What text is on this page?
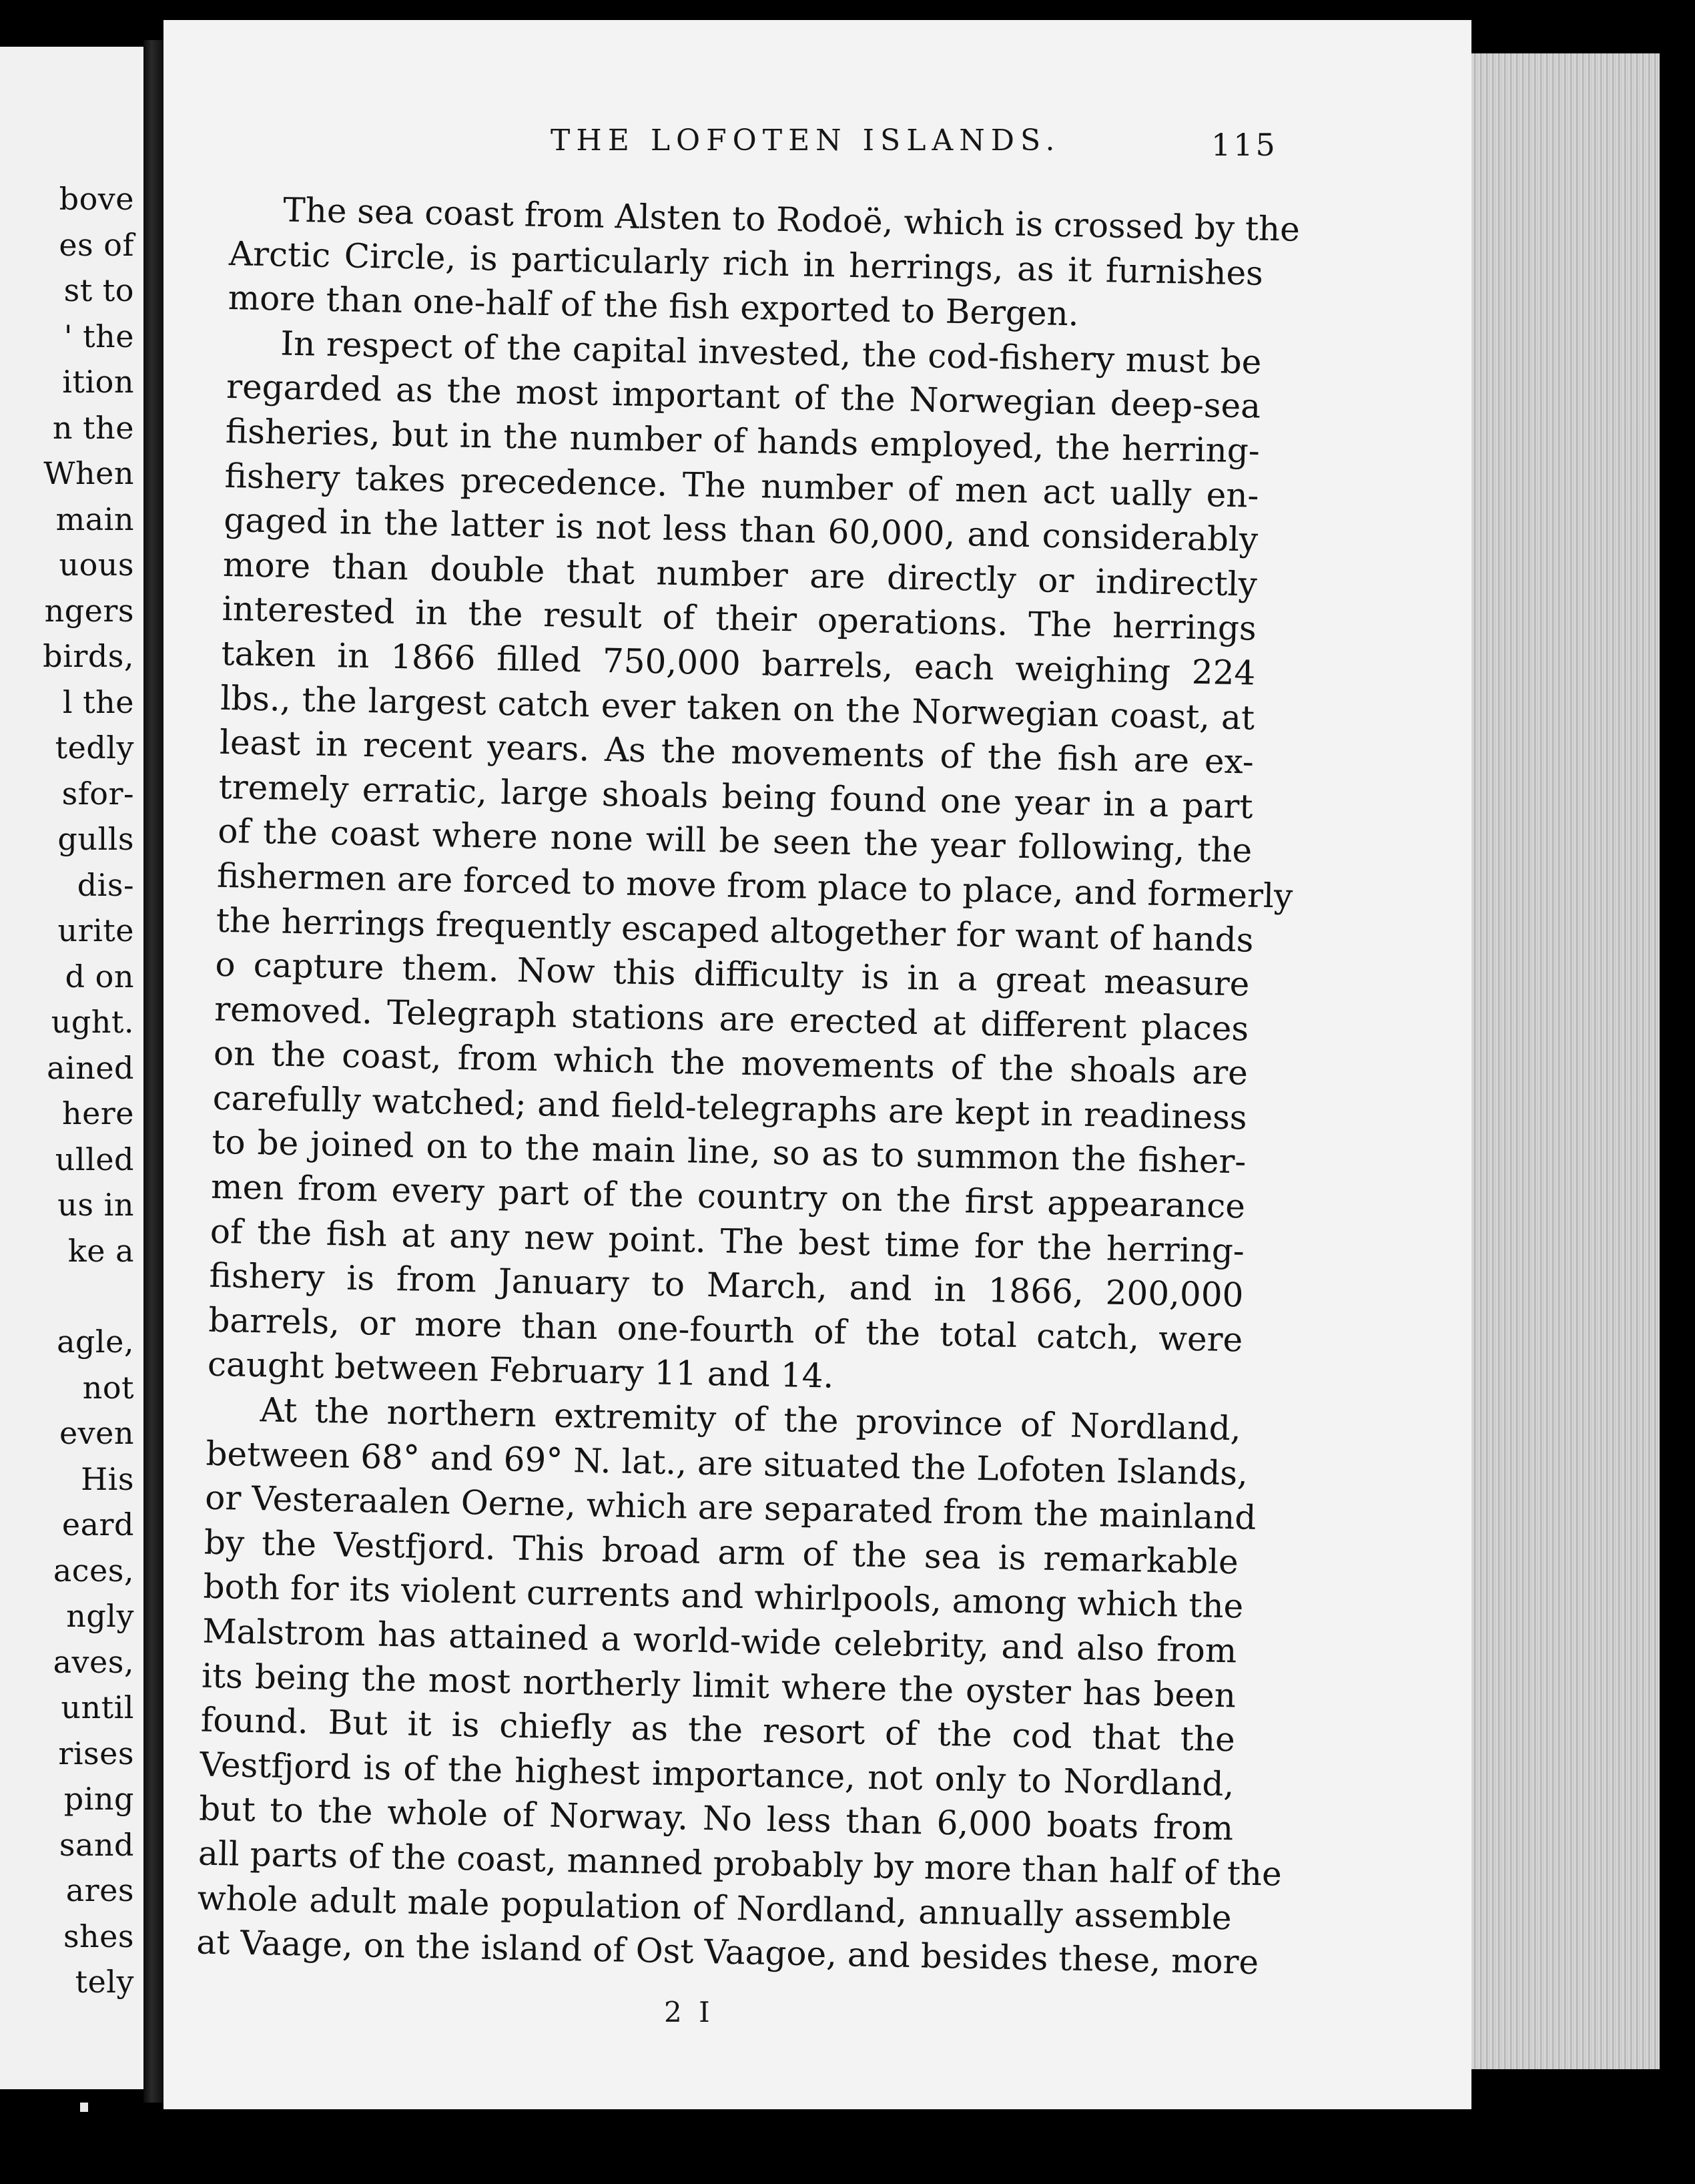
bove
es of
st to
' the
ition
n the
When
main
uous
ngers
birds,
l the
tedly
sfor-
gulls
dis-
urite
d on
ught.
ained
here
ulled
us in
ke a
agle,
not
even
His
eard
aces,
ngly
aves,
until
rises
ping
sand
ares
shes
tely
THE LOFOTEN ISLANDS.	115
The sea coast from Alsten to Rodoë, which is crossed by the
Arctic Circle, is particularly rich in herrings, as it furnishes
more than one-half of the fish exported to Bergen.
In respect of the capital invested, the cod-fishery must be
regarded as the most important of the Norwegian deep-sea
fisheries, but in the number of hands employed, the herring-
fishery takes precedence. The number of men act ually en-
gaged in the latter is not less than 60,000, and considerably
more than double that number are directly or indirectly
interested in the result of their operations. The herrings
taken in 1866 filled 750,000 barrels, each weighing 224
lbs., the largest catch ever taken on the Norwegian coast, at
least in recent years. As the movements of the fish are ex-
tremely erratic, large shoals being found one year in a part
of the coast where none will be seen the year following, the
fishermen are forced to move from place to place, and formerly
the herrings frequently escaped altogether for want of hands
o capture them. Now this difficulty is in a great measure
removed. Telegraph stations are erected at different places
on the coast, from which the movements of the shoals are
carefully watched; and field-telegraphs are kept in readiness
to be joined on to the main line, so as to summon the fisher-
men from every part of the country on the first appearance
of the fish at any new point. The best time for the herring-
fishery is from January to March, and in 1866, 200,000
barrels, or more than one-fourth of the total catch, were
caught between February 11 and 14.
At the northern extremity of the province of Nordland,
between 68° and 69° N. lat., are situated the Lofoten Islands,
or Vesteraalen Oerne, which are separated from the mainland
by the Vestfjord. This broad arm of the sea is remarkable
both for its violent currents and whirlpools, among which the
Malstrom has attained a world-wide celebrity, and also from
its being the most northerly limit where the oyster has been
found. But it is chiefly as the resort of the cod that the
Vestfjord is of the highest importance, not only to Nordland,
but to the whole of Norway. No less than 6,000 boats from
all parts of the coast, manned probably by more than half of the
whole adult male population of Nordland, annually assemble
at Vaage, on the island of Ost Vaagoe, and besides these, more
2 I
